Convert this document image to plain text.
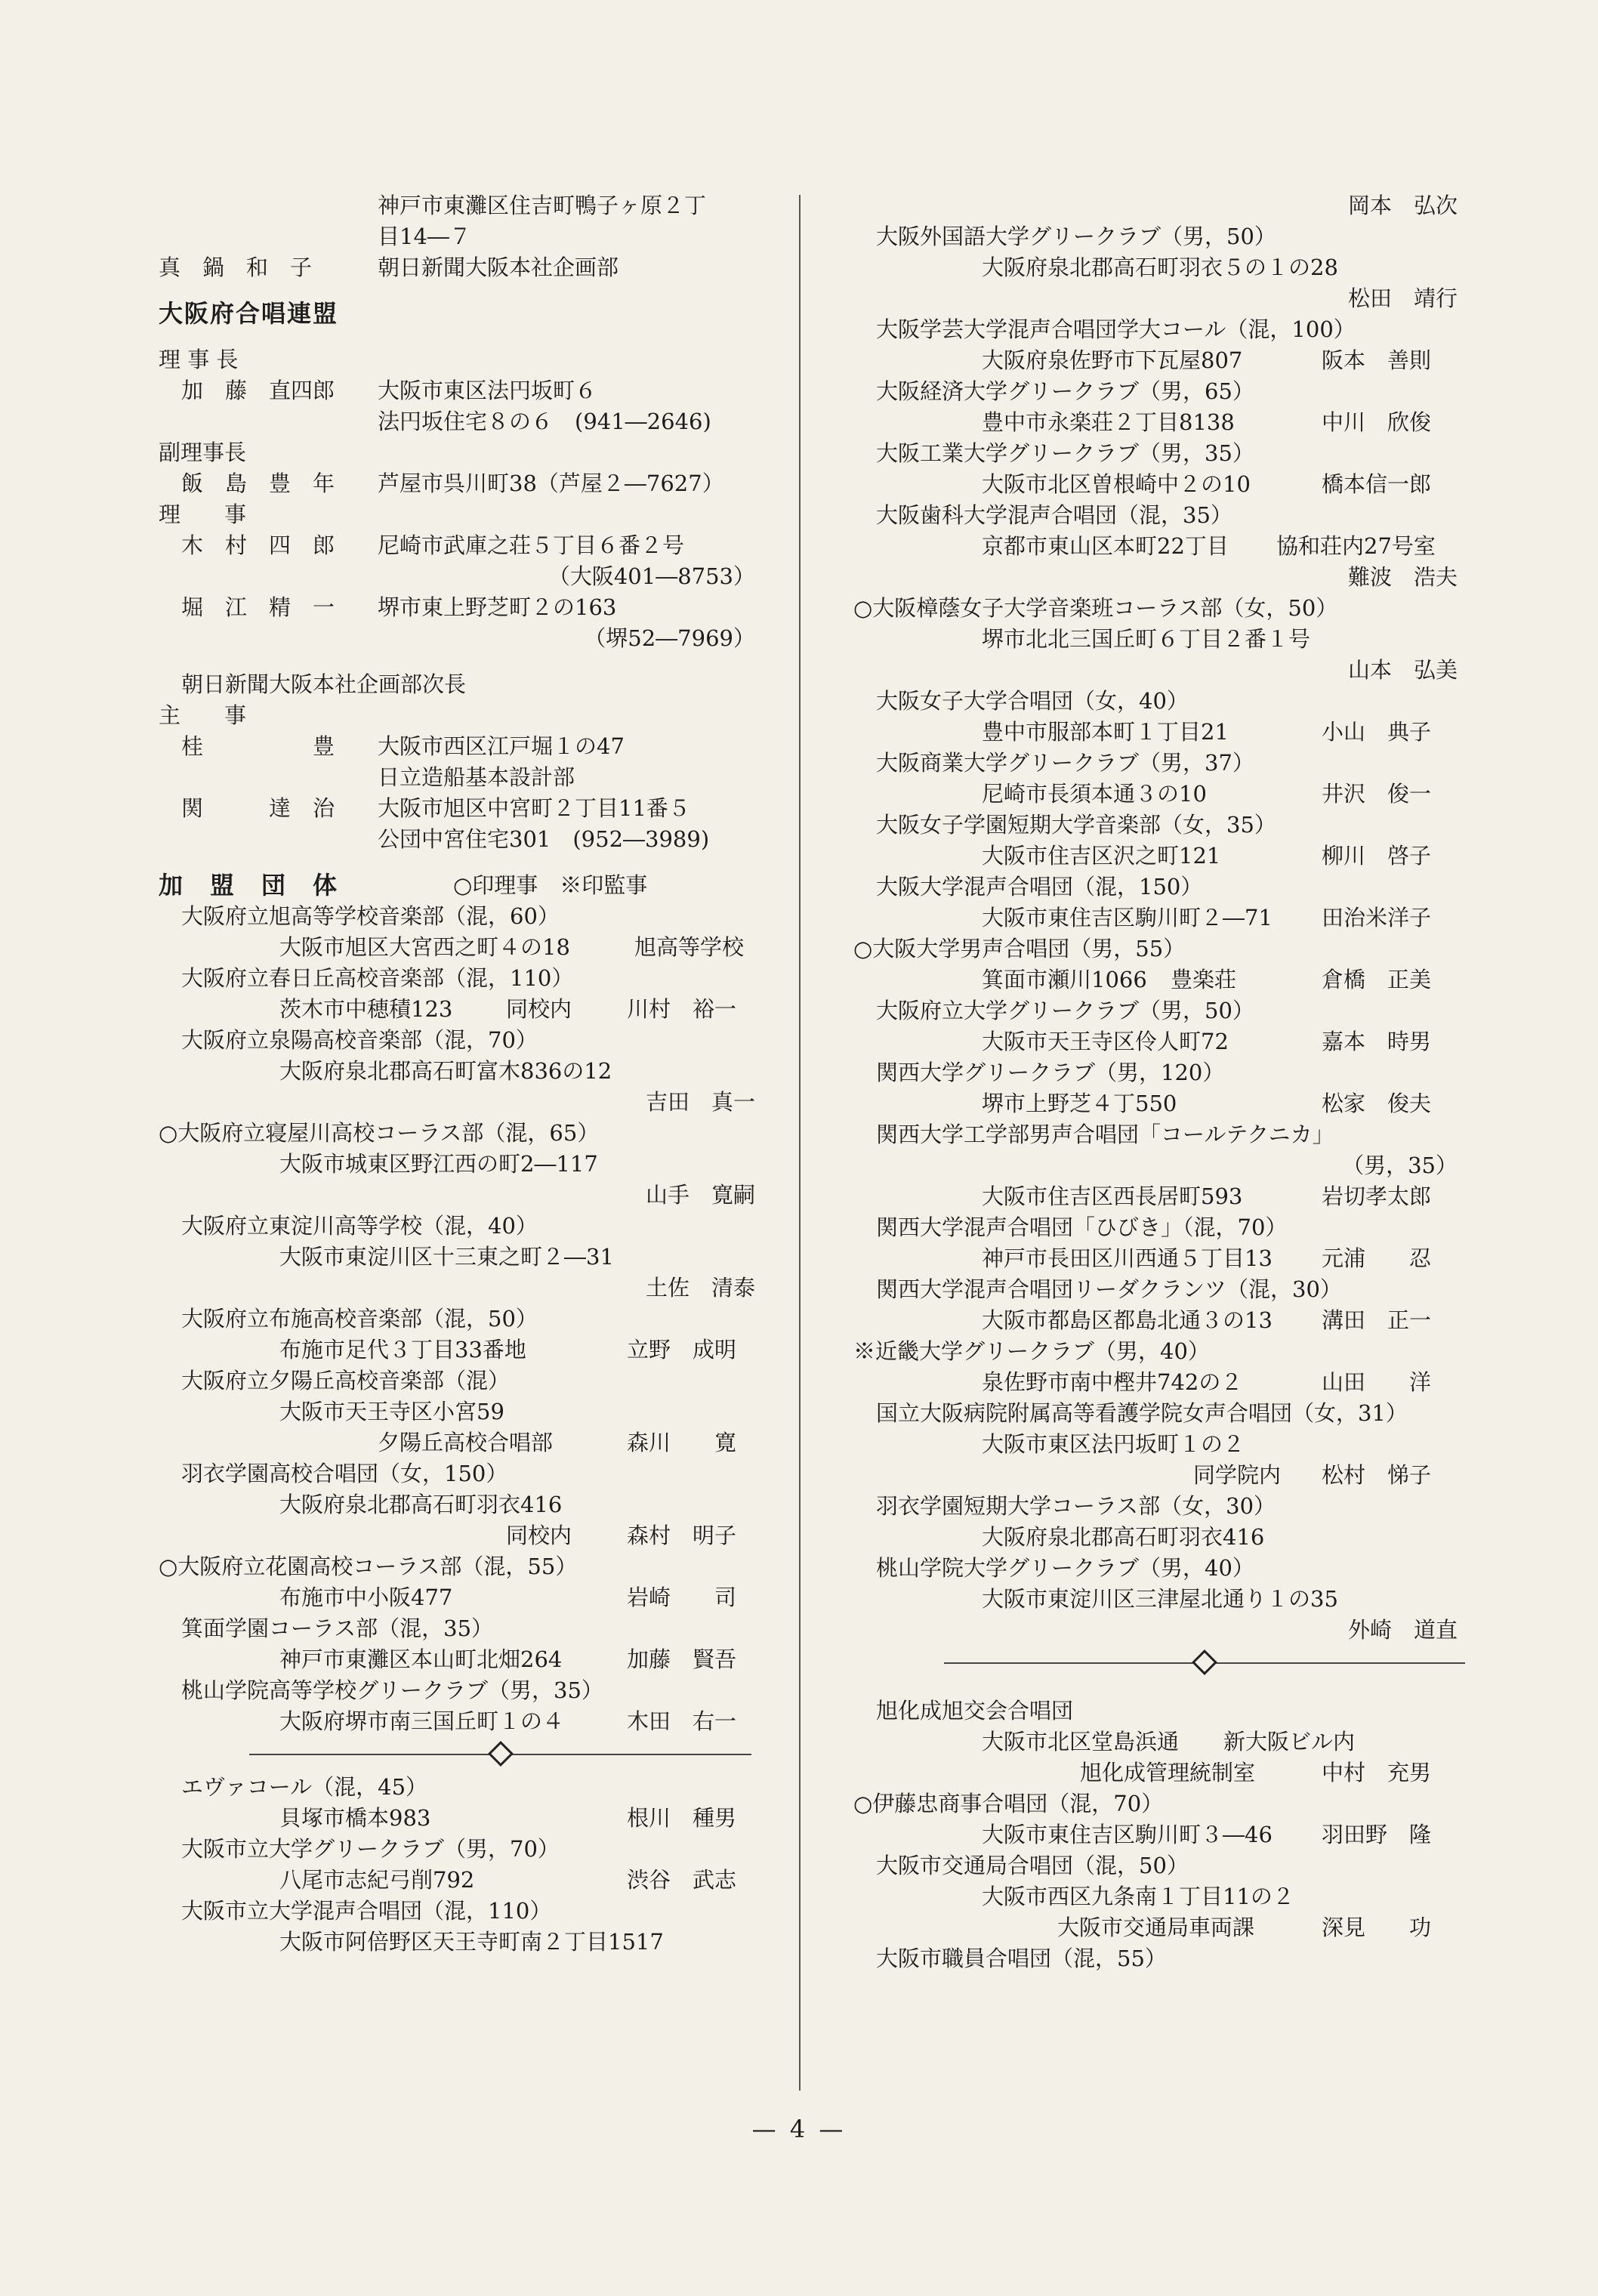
神戸市東灘区住吉町鴨子ヶ原２丁
目14―７
真　鍋　和　子	朝日新聞大阪本社企画部
大阪府合唱連盟
理 事 長
加　藤　直四郎 大阪市東区法円坂町６
法円坂住宅８の６　(941―2646)
副理事長
飯　島　豊　年 芦屋市呉川町38（芦屋２―7627）
理　　事
木　村　四　郎 尼崎市武庫之荘５丁目６番２号
（大阪401―8753）
堀　江　精　一 堺市東上野芝町２の163
（堺52―7969）
朝日新聞大阪本社企画部次長
主　　事
桂　　　　　豊 大阪市西区江戸堀１の47
日立造船基本設計部
関　　　達　治 大阪市旭区中宮町２丁目11番５
公団中宮住宅301　(952―3989)
加　盟　団　体	○印理事　※印監事
大阪府立旭高等学校音楽部（混，60）
大阪市旭区大宮西之町４の18	旭高等学校
大阪府立春日丘高校音楽部（混，110）
茨木市中穂積123 同校内	川村　裕一
大阪府立泉陽高校音楽部（混，70）
大阪府泉北郡高石町富木836の12
吉田　真一
○大阪府立寝屋川高校コーラス部（混，65）
大阪市城東区野江西の町2―117
山手　寛嗣
大阪府立東淀川高等学校（混，40）
大阪市東淀川区十三東之町２―31
土佐　清泰
大阪府立布施高校音楽部（混，50）
布施市足代３丁目33番地	立野　成明
大阪府立夕陽丘高校音楽部（混）
大阪市天王寺区小宮59
夕陽丘高校合唱部	森川　　寛
羽衣学園高校合唱団（女，150）
大阪府泉北郡高石町羽衣416
同校内	森村　明子
○大阪府立花園高校コーラス部（混，55）
布施市中小阪477	岩崎　　司
箕面学園コーラス部（混，35）
神戸市東灘区本山町北畑264	加藤　賢吾
桃山学院高等学校グリークラブ（男，35）
大阪府堺市南三国丘町１の４	木田　右一
エヴァコール（混，45）
貝塚市橋本983	根川　種男
大阪市立大学グリークラブ（男，70）
八尾市志紀弓削792	渋谷　武志
大阪市立大学混声合唱団（混，110）
大阪市阿倍野区天王寺町南２丁目1517
岡本　弘次
大阪外国語大学グリークラブ（男，50）
大阪府泉北郡高石町羽衣５の１の28
松田　靖行
大阪学芸大学混声合唱団学大コール（混，100）
大阪府泉佐野市下瓦屋807	阪本　善則
大阪経済大学グリークラブ（男，65）
豊中市永楽荘２丁目8138	中川　欣俊
大阪工業大学グリークラブ（男，35）
大阪市北区曽根崎中２の10	橋本信一郎
大阪歯科大学混声合唱団（混，35）
京都市東山区本町22丁目 協和荘内27号室
難波　浩夫
○大阪樟蔭女子大学音楽班コーラス部（女，50）
堺市北北三国丘町６丁目２番１号
山本　弘美
大阪女子大学合唱団（女，40）
豊中市服部本町１丁目21	小山　典子
大阪商業大学グリークラブ（男，37）
尼崎市長須本通３の10	井沢　俊一
大阪女子学園短期大学音楽部（女，35）
大阪市住吉区沢之町121	柳川　啓子
大阪大学混声合唱団（混，150）
大阪市東住吉区駒川町２―71 田治米洋子
○大阪大学男声合唱団（男，55）
箕面市瀬川1066 豊楽荘	倉橋　正美
大阪府立大学グリークラブ（男，50）
大阪市天王寺区伶人町72	嘉本　時男
関西大学グリークラブ（男，120）
堺市上野芝４丁550	松家　俊夫
関西大学工学部男声合唱団「コールテクニカ」
（男，35）
大阪市住吉区西長居町593	岩切孝太郎
関西大学混声合唱団「ひびき」（混，70）
神戸市長田区川西通５丁目13 元浦　　忍
関西大学混声合唱団リーダクランツ（混，30）
大阪市都島区都島北通３の13 溝田　正一
※近畿大学グリークラブ（男，40）
泉佐野市南中樫井742の２	山田　　洋
国立大阪病院附属高等看護学院女声合唱団（女，31）
大阪市東区法円坂町１の２
同学院内 松村　悌子
羽衣学園短期大学コーラス部（女，30）
大阪府泉北郡高石町羽衣416
桃山学院大学グリークラブ（男，40）
大阪市東淀川区三津屋北通り１の35
外崎　道直
旭化成旭交会合唱団
大阪市北区堂島浜通 新大阪ビル内
旭化成管理統制室	中村　充男
○伊藤忠商事合唱団（混，70）
大阪市東住吉区駒川町３―46 羽田野　隆
大阪市交通局合唱団（混，50）
大阪市西区九条南１丁目11の２
大阪市交通局車両課	深見　　功
大阪市職員合唱団（混，55）
— 4 —
